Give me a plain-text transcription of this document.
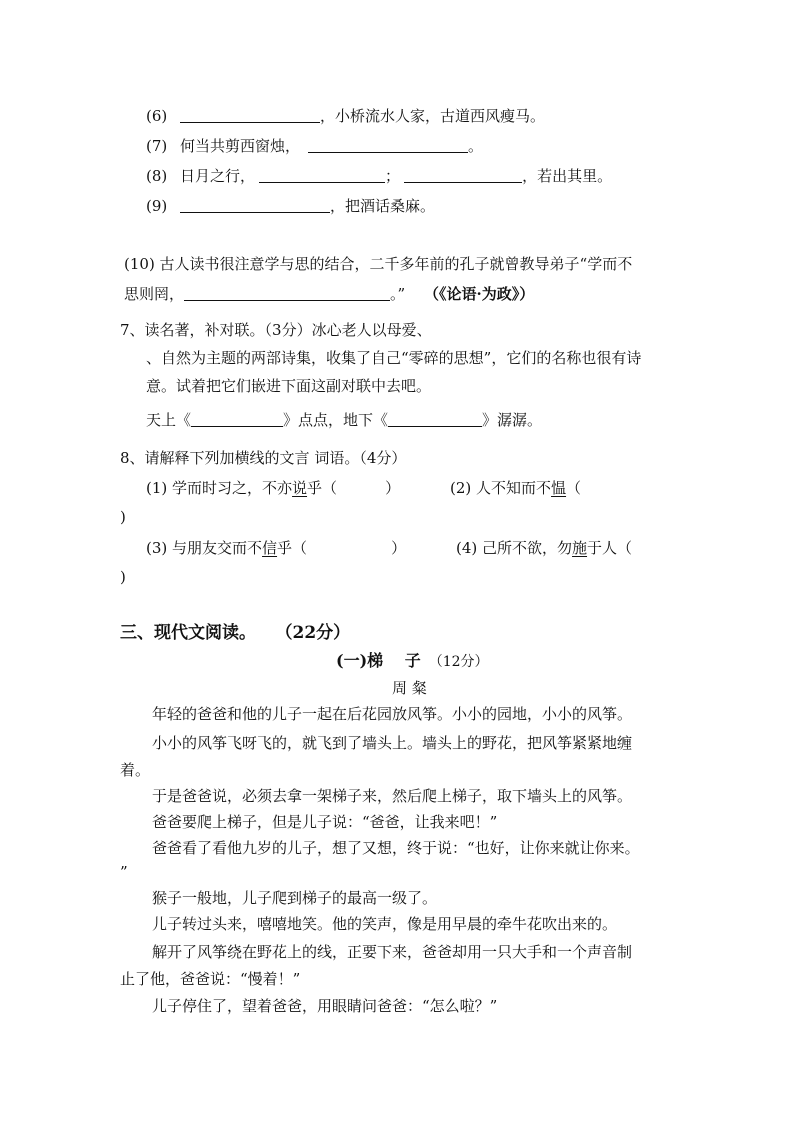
(6)	，小桥流水人家，古道西风瘦马。
(7) 何当共剪西窗烛，	。
(8) 日月之行，	；	，若出其里。
(9)	，把酒话桑麻。
(10) 古人读书很注意学与思的结合，二千多年前的孔子就曾教导弟子“学而不
思则罔，	。” （《论语·为政》）
7、读名著，补对联。（3分）冰心老人以母爱、
、自然为主题的两部诗集，收集了自己“零碎的思想”，它们的名称也很有诗
意。试着把它们嵌进下面这副对联中去吧。
天上《	》点点，地下《	》潺潺。
8、请解释下列加横线的文言 词语。（4分）
(1) 学而时习之，不亦说乎（	）	(2) 人不知而不愠（
)
(3) 与朋友交而不信乎（	）	(4) 己所不欲，勿施于人（
)
三、现代文阅读。 （22分）
(一)梯　 子 （12分）
周 粲
年轻的爸爸和他的儿子一起在后花园放风筝。小小的园地，小小的风筝。
小小的风筝飞呀飞的，就飞到了墙头上。墙头上的野花，把风筝紧紧地缠
着。
于是爸爸说，必须去拿一架梯子来，然后爬上梯子，取下墙头上的风筝。
爸爸要爬上梯子，但是儿子说：“爸爸，让我来吧！”
爸爸看了看他九岁的儿子，想了又想，终于说：“也好，让你来就让你来。
”
猴子一般地，儿子爬到梯子的最高一级了。
儿子转过头来，嘻嘻地笑。他的笑声，像是用早晨的牵牛花吹出来的。
解开了风筝绕在野花上的线，正要下来，爸爸却用一只大手和一个声音制
止了他，爸爸说：“慢着！”
儿子停住了，望着爸爸，用眼睛问爸爸：“怎么啦？”
